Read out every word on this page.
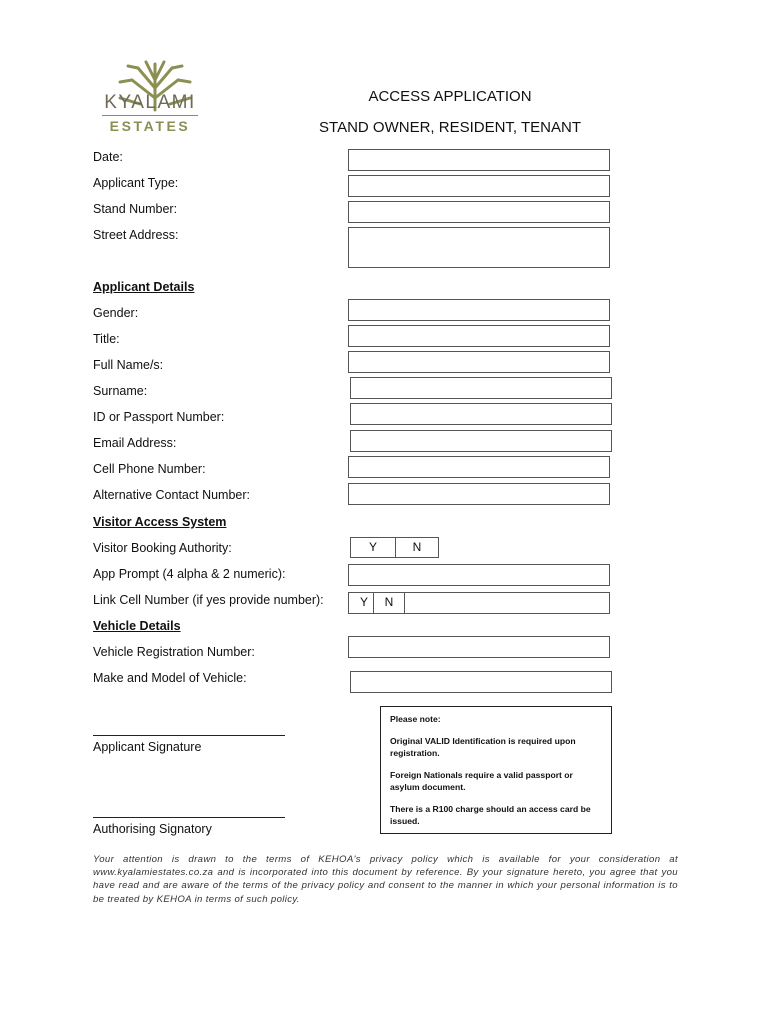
KYALAMI
ESTATES
ACCESS APPLICATION
STAND OWNER, RESIDENT, TENANT
Date:
Applicant Type:
Stand Number:
Street Address:
Applicant Details
Gender:
Title:
Full Name/s:
Surname:
ID or Passport Number:
Email Address:
Cell Phone Number:
Alternative Contact Number:
Visitor Access System
Visitor Booking Authority:	Y	N
App Prompt (4 alpha & 2 numeric):
Link Cell Number (if yes provide number):	Y	N
Vehicle Details
Vehicle Registration Number:
Make and Model of Vehicle:

Please note:

Original VALID Identification is required upon registration.

Foreign Nationals require a valid passport or asylum document.

There is a R100 charge should an access card be issued.

Applicant Signature
Authorising Signatory
Your attention is drawn to the terms of KEHOA's privacy policy which is available for your consideration at www.kyalamiestates.co.za and is incorporated into this document by reference. By your signature hereto, you agree that you have read and are aware of the terms of the privacy policy and consent to the manner in which your personal information is to be treated by KEHOA in terms of such policy.
